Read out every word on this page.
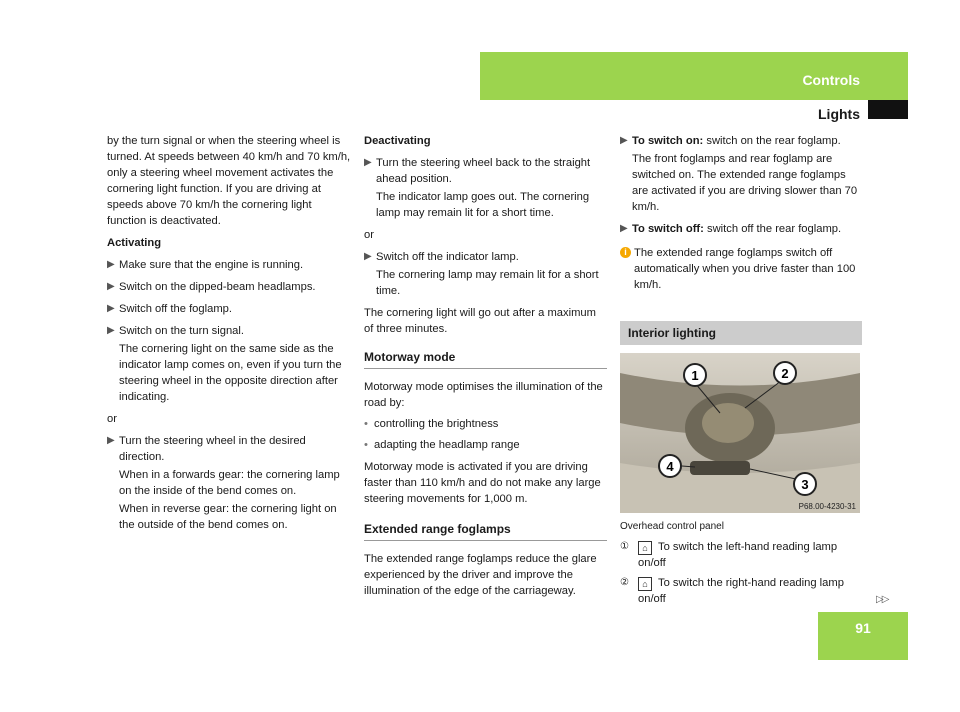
Controls
Lights

by the turn signal or when the steering wheel is turned. At speeds between 40 km/h and 70 km/h, only a steering wheel movement activates the cornering light function. If you are driving at speeds above 70 km/h the cornering light function is deactivated.

Activating

▶ Make sure that the engine is running.
▶ Switch on the dipped-beam headlamps.
▶ Switch off the foglamp.
▶ Switch on the turn signal.

The cornering light on the same side as the indicator lamp comes on, even if you turn the steering wheel in the opposite direction after indicating.

or

▶ Turn the steering wheel in the desired direction.

When in a forwards gear: the cornering lamp on the inside of the bend comes on.

When in reverse gear: the cornering light on the outside of the bend comes on.

Deactivating

▶ Turn the steering wheel back to the straight ahead position.

The indicator lamp goes out. The cornering lamp may remain lit for a short time.

or

▶ Switch off the indicator lamp.

The cornering lamp may remain lit for a short time.

The cornering light will go out after a maximum of three minutes.

Motorway mode

Motorway mode optimises the illumination of the road by:

• controlling the brightness
• adapting the headlamp range

Motorway mode is activated if you are driving faster than 110 km/h and do not make any large steering movements for 1,000 m.

Extended range foglamps

The extended range foglamps reduce the glare experienced by the driver and improve the illumination of the edge of the carriageway.

▶ To switch on: switch on the rear foglamp.

The front foglamps and rear foglamp are switched on. The extended range foglamps are activated if you are driving slower than 70 km/h.

▶ To switch off: switch off the rear foglamp.
i The extended range foglamps switch off automatically when you drive faster than 100 km/h.
Interior lighting
1	2
3
4
P68.00-4230-31

Overhead control panel

① ⌂ To switch the left-hand reading lamp on/off
② ⌂ To switch the right-hand reading lamp on/off	▷▷
91
